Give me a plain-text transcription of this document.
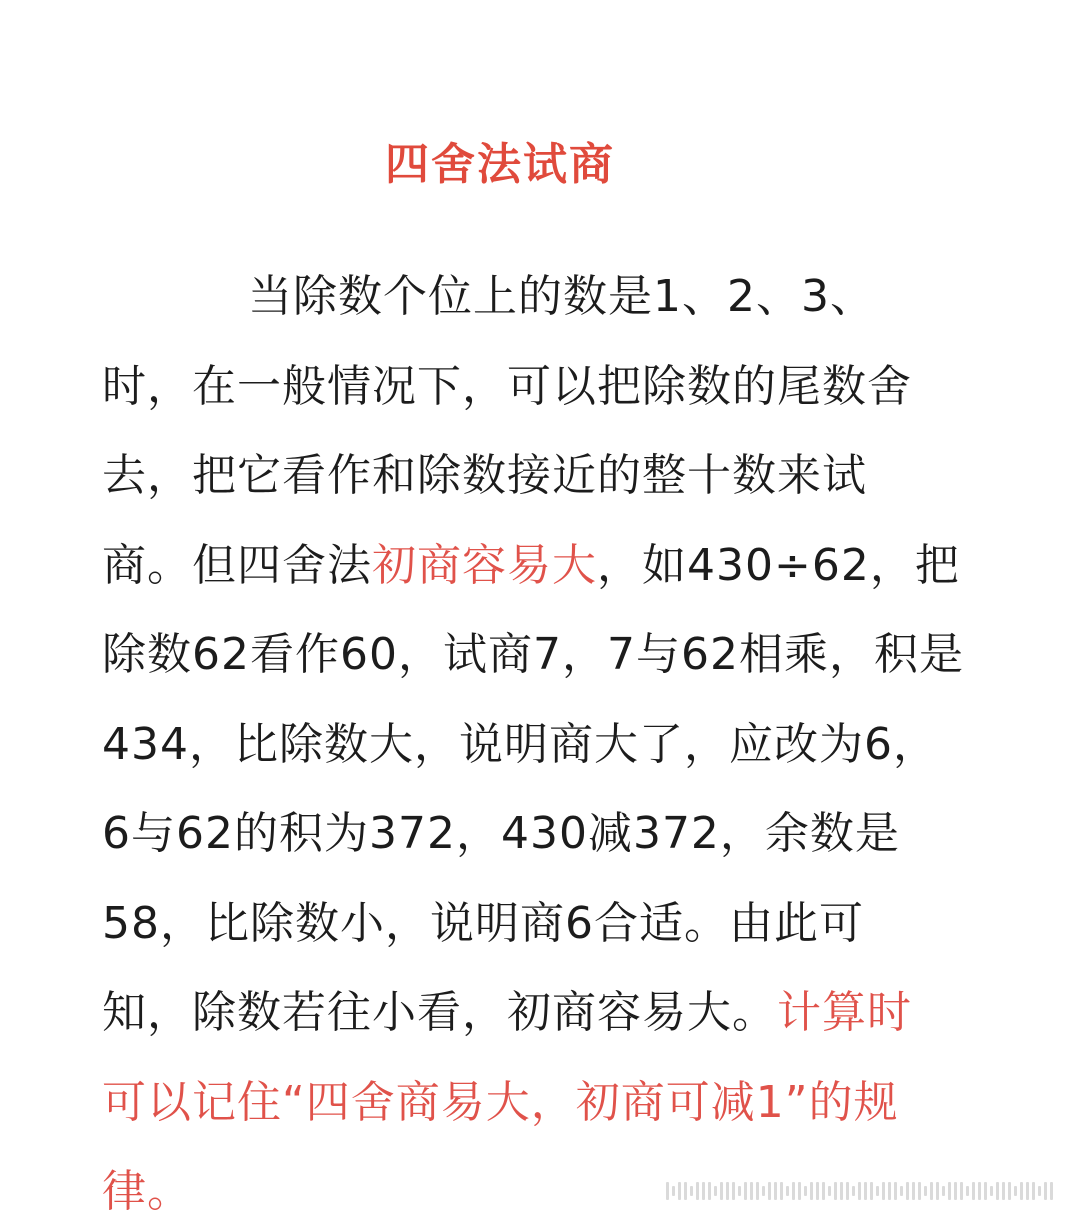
四舍法试商
当除数个位上的数是1、2、3、
时，在一般情况下，可以把除数的尾数舍
去，把它看作和除数接近的整十数来试
商。但四舍法初商容易大，如430÷62，把
除数62看作60，试商7，7与62相乘，积是
434，比除数大，说明商大了，应改为6，
6与62的积为372，430减372，余数是
58，比除数小，说明商6合适。由此可
知，除数若往小看，初商容易大。计算时
可以记住“四舍商易大，初商可减1”的规
律。
